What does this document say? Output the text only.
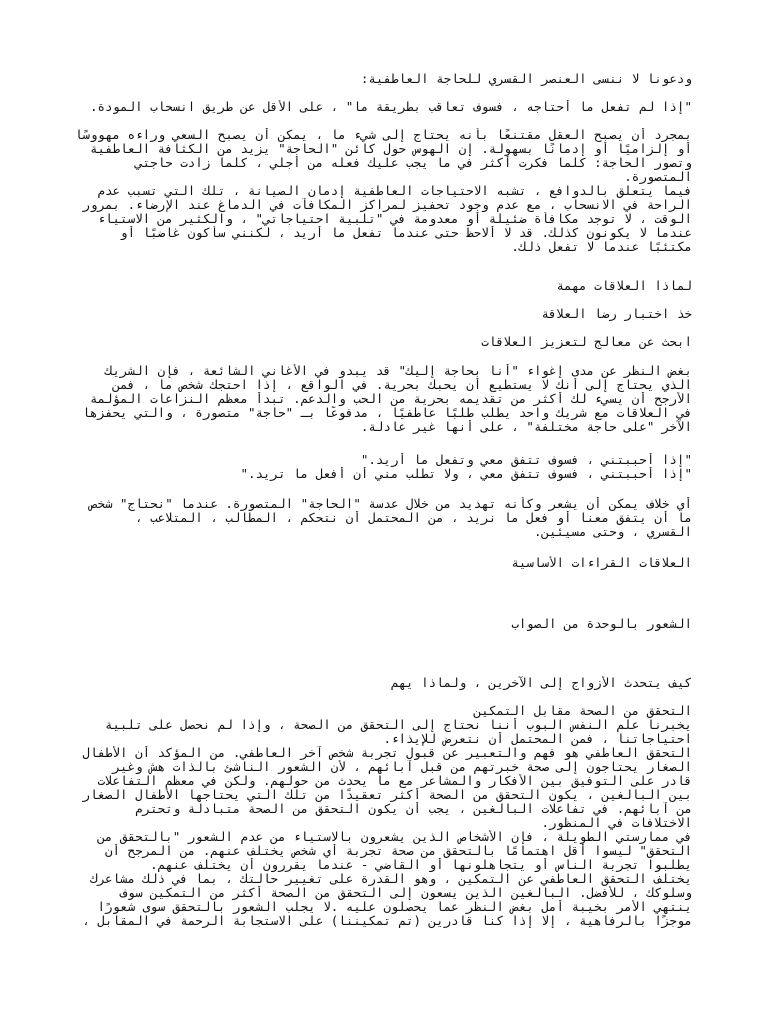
ودعونا لا ننسى العنصر القسري للحاجة العاطفية:
"إذا لم تفعل ما أحتاجه ، فسوف تعاقب بطريقة ما" ، على الأقل عن طريق انسحاب المودة.
بمجرد أن يصبح العقل مقتنعًا بأنه يحتاج إلى شيء ما ، يمكن أن يصبح السعي وراءه مهووسًا
أو إلزاميًا أو إدمانًا بسهولة. إن الهوس حول كائن "الحاجة" يزيد من الكثافة العاطفية
وتصور الحاجة: كلما فكرت أكثر في ما يجب عليك فعله من أجلي ، كلما زادت حاجتي
المتصورة.
فيما يتعلق بالدوافع ، تشبه الاحتياجات العاطفية إدمان الصيانة ، تلك التي تسبب عدم
الراحة في الانسحاب ، مع عدم وجود تحفيز لمراكز المكافآت في الدماغ عند الإرضاء. بمرور
الوقت ، لا توجد مكافأة ضئيلة أو معدومة في "تلبية احتياجاتي" ، والكثير من الاستياء
عندما لا يكونون كذلك. قد لا ألاحظ حتى عندما تفعل ما أريد ، لكنني سأكون غاضبًا أو
مكتئبًا عندما لا تفعل ذلك.
لماذا العلاقات مهمة
خذ اختبار رضا العلاقة
ابحث عن معالج لتعزيز العلاقات
بغض النظر عن مدى إغواء "أنا بحاجة إليك" قد يبدو في الأغاني الشائعة ، فإن الشريك
الذي يحتاج إلى أنك لا يستطيع أن يحبك بحرية. في الواقع ، إذا احتجك شخص ما ، فمن
الأرجح أن يسيء لك أكثر من تقديمه بحرية من الحب والدعم. تبدأ معظم النزاعات المؤلمة
في العلاقات مع شريك واحد يطلب طلبًا عاطفيًا ، مدفوعًا بـ "حاجة" متصورة ، والتي يحفزها
الآخر "على حاجة مختلفة" ، على أنها غير عادلة.
"إذا أحببتني ، فسوف تتفق معي وتفعل ما أريد."
"إذا أحببتني ، فسوف تتفق معي ، ولا تطلب مني أن أفعل ما تريد."
أي خلاف يمكن أن يشعر وكأنه تهديد من خلال عدسة "الحاجة" المتصورة. عندما "نحتاج" شخص
ما أن يتفق معنا أو فعل ما نريد ، من المحتمل أن نتحكم ، المطالب ، المتلاعب ،
القسري ، وحتى مسيئين.
العلاقات القراءات الأساسية
الشعور بالوحدة من الصواب
كيف يتحدث الأزواج إلى الآخرين ، ولماذا يهم
التحقق من الصحة مقابل التمكين
يخبرنا علم النفس البوب أننا نحتاج إلى التحقق من الصحة ، وإذا لم نحصل على تلبية
احتياجاتنا ، فمن المحتمل أن نتعرض للإيذاء.
التحقق العاطفي هو فهم والتعبير عن قبول تجربة شخص آخر العاطفي. من المؤكد أن الأطفال
الصغار يحتاجون إلى صحة خبرتهم من قبل آبائهم ، لأن الشعور الناشئ بالذات هش وغير
قادر على التوفيق بين الأفكار والمشاعر مع ما يحدث من حولهم. ولكن في معظم التفاعلات
بين البالغين ، يكون التحقق من الصحة أكثر تعقيدًا من تلك التي يحتاجها الأطفال الصغار
من آبائهم. في تفاعلات البالغين ، يجب أن يكون التحقق من الصحة متبادلة وتحترم
الاختلافات في المنظور.
في ممارستي الطويلة ، فإن الأشخاص الذين يشعرون بالاستياء من عدم الشعور "بالتحقق من
التحقق" ليسوا أقل اهتمامًا بالتحقق من صحة تجربة أي شخص يختلف عنهم. من المرجح أن
يطلبوا تجربة الناس أو يتجاهلونها أو القاضي - عندما يقررون أن يختلف عنهم.
يختلف التحقق العاطفي عن التمكين ، وهو القدرة على تغيير حالتك ، بما في ذلك مشاعرك
وسلوكك ، للأفضل. البالغين الذين يسعون إلى التحقق من الصحة أكثر من التمكين سوف
ينتهي الأمر بخيبة أمل بغض النظر عما يحصلون عليه .لا يجلب الشعور بالتحقق سوى شعورًا
موجزًا بالرفاهية ، إلا إذا كنا قادرين (تم تمكيننا) على الاستجابة الرحمة في المقابل ،
